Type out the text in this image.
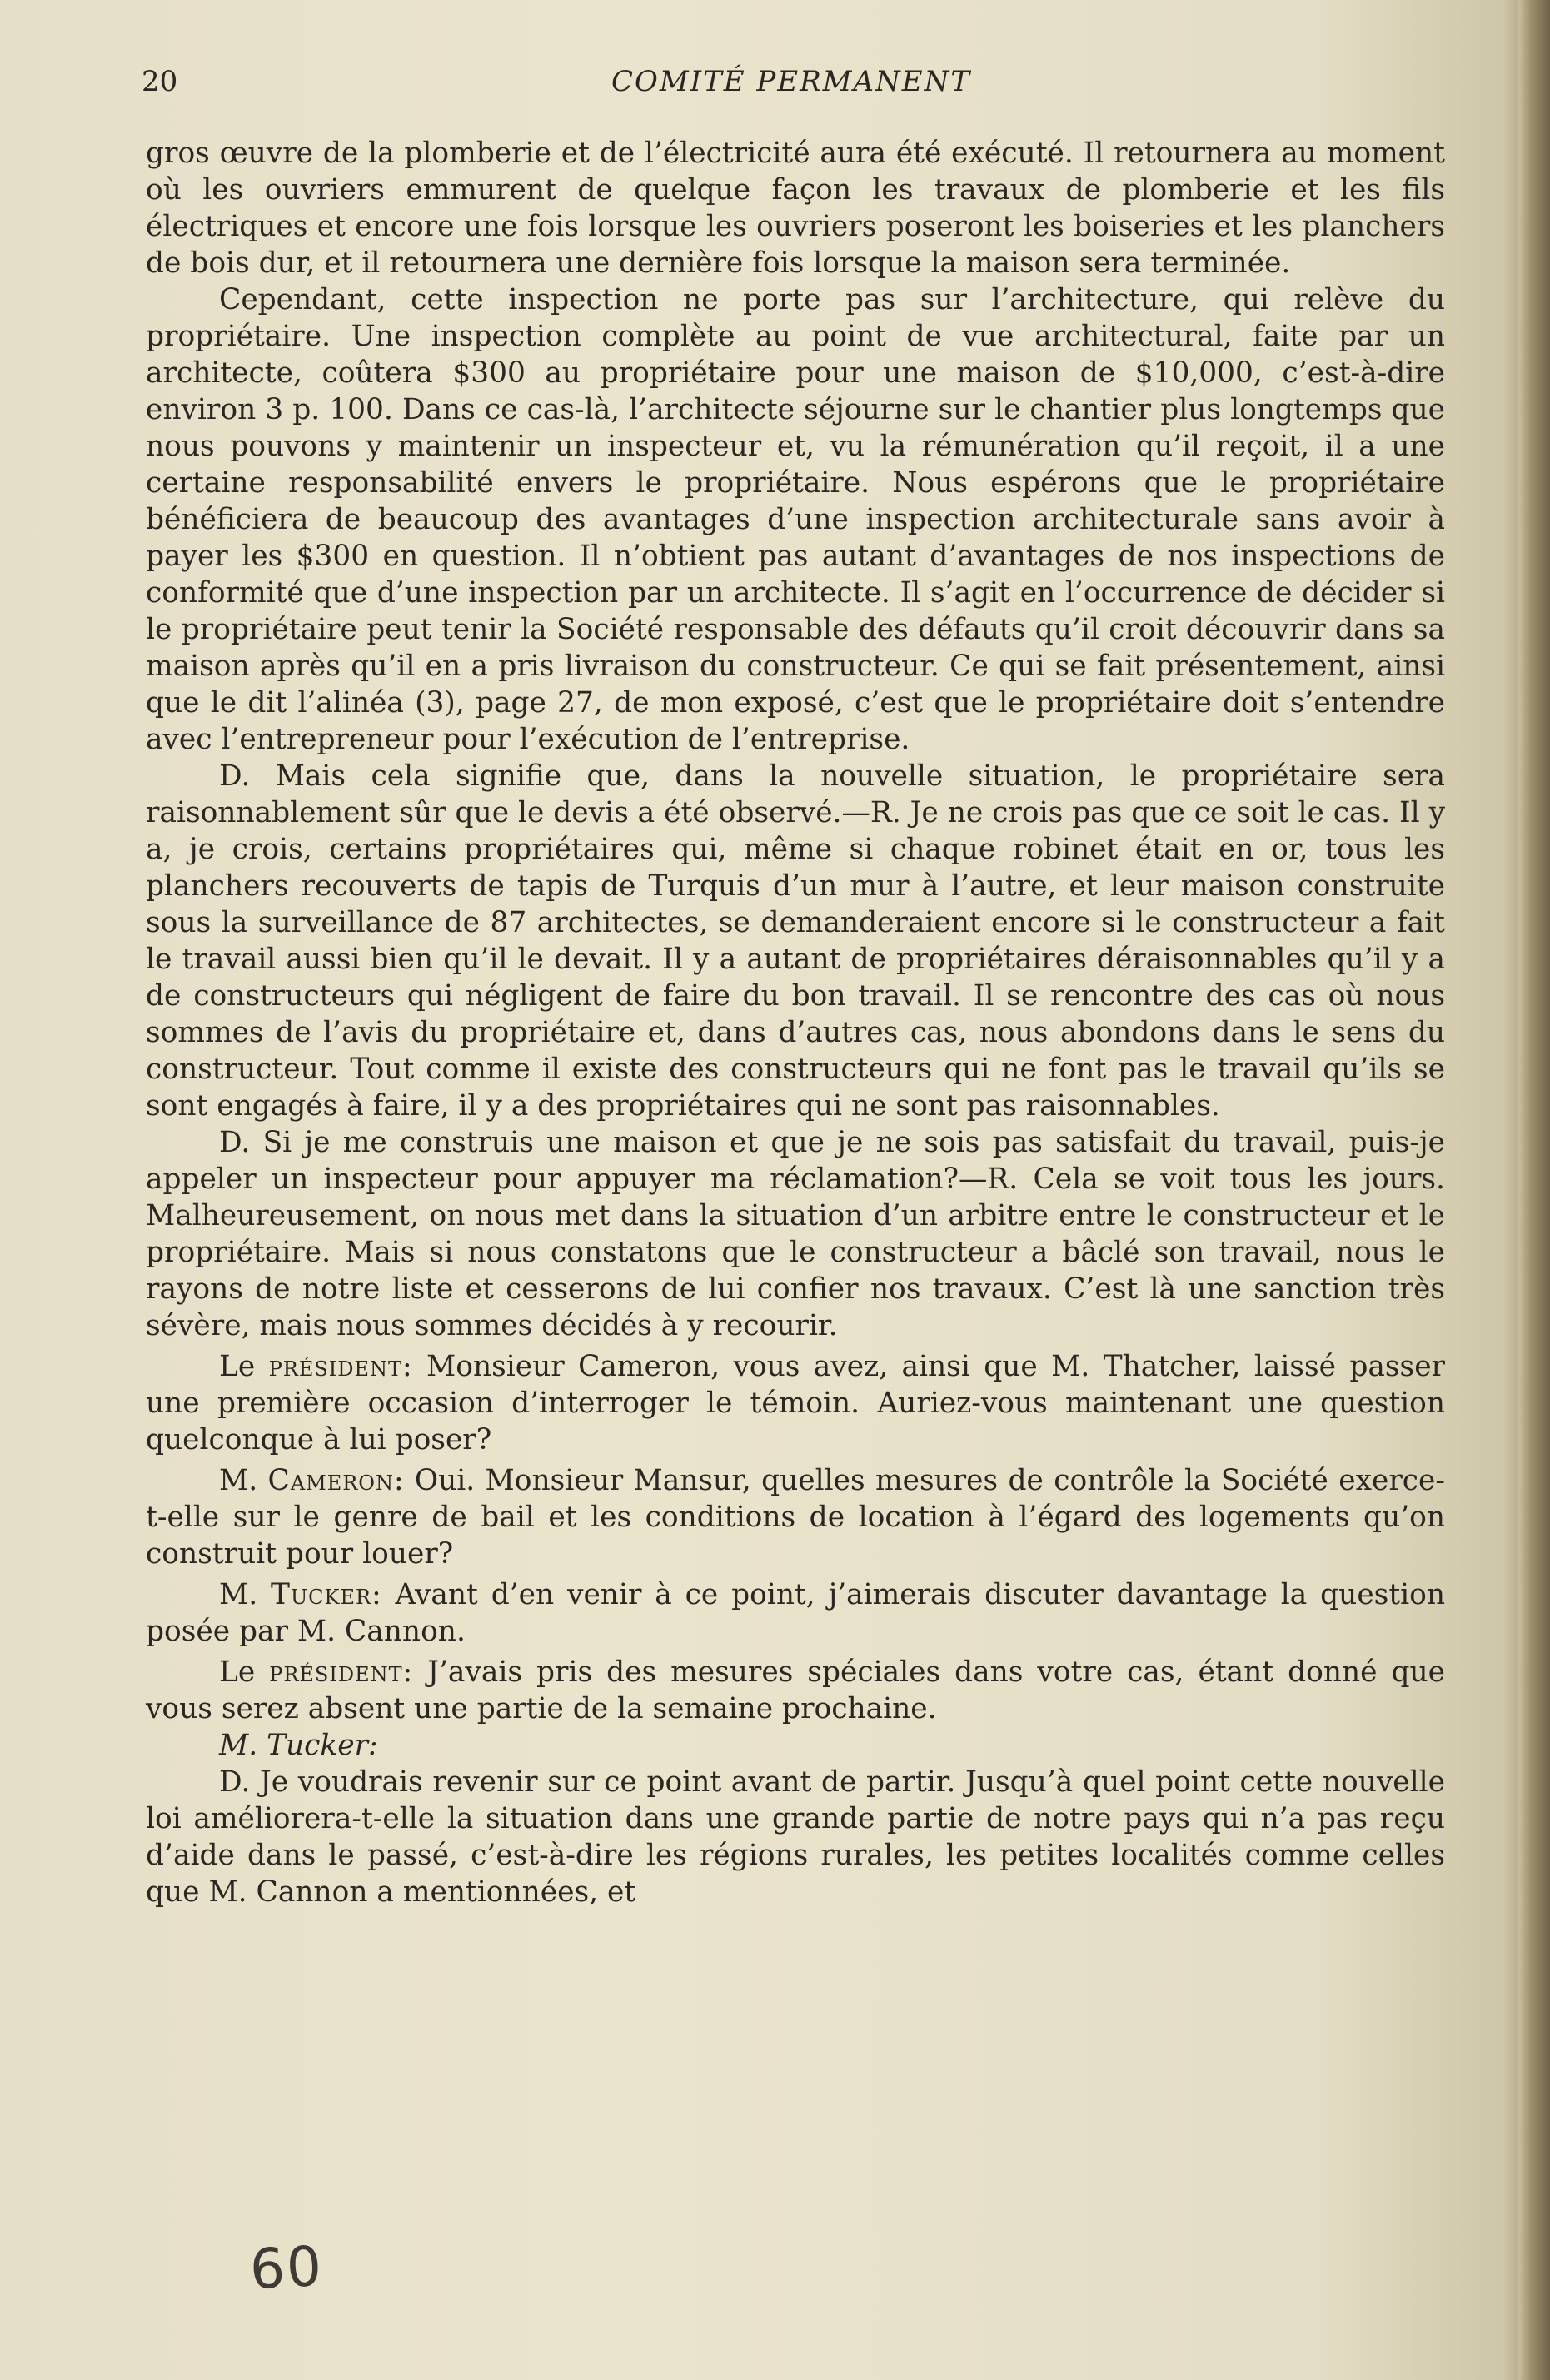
20	COMITÉ PERMANENT

gros œuvre de la plomberie et de l’électricité aura été exécuté. Il retournera au moment où les ouvriers emmurent de quelque façon les travaux de plomberie et les fils électriques et encore une fois lorsque les ouvriers poseront les boiseries et les planchers de bois dur, et il retournera une dernière fois lorsque la maison sera terminée.

Cependant, cette inspection ne porte pas sur l’architecture, qui relève du propriétaire. Une inspection complète au point de vue architectural, faite par un architecte, coûtera $300 au propriétaire pour une maison de $10,000, c’est-à-dire environ 3 p. 100. Dans ce cas-là, l’architecte séjourne sur le chantier plus longtemps que nous pouvons y maintenir un inspecteur et, vu la rémunération qu’il reçoit, il a une certaine responsabilité envers le propriétaire. Nous espérons que le propriétaire bénéficiera de beaucoup des avantages d’une inspection architecturale sans avoir à payer les $300 en question. Il n’obtient pas autant d’avantages de nos inspections de conformité que d’une inspection par un architecte. Il s’agit en l’occurrence de décider si le propriétaire peut tenir la Société responsable des défauts qu’il croit découvrir dans sa maison après qu’il en a pris livraison du constructeur. Ce qui se fait présentement, ainsi que le dit l’alinéa (3), page 27, de mon exposé, c’est que le propriétaire doit s’entendre avec l’entrepreneur pour l’exécution de l’entreprise.

D. Mais cela signifie que, dans la nouvelle situation, le propriétaire sera raisonnablement sûr que le devis a été observé.—R. Je ne crois pas que ce soit le cas. Il y a, je crois, certains propriétaires qui, même si chaque robinet était en or, tous les planchers recouverts de tapis de Turquis d’un mur à l’autre, et leur maison construite sous la surveillance de 87 architectes, se demanderaient encore si le constructeur a fait le travail aussi bien qu’il le devait. Il y a autant de propriétaires déraisonnables qu’il y a de constructeurs qui négligent de faire du bon travail. Il se rencontre des cas où nous sommes de l’avis du propriétaire et, dans d’autres cas, nous abondons dans le sens du constructeur. Tout comme il existe des constructeurs qui ne font pas le travail qu’ils se sont engagés à faire, il y a des propriétaires qui ne sont pas raisonnables.

D. Si je me construis une maison et que je ne sois pas satisfait du travail, puis-je appeler un inspecteur pour appuyer ma réclamation?—R. Cela se voit tous les jours. Malheureusement, on nous met dans la situation d’un arbitre entre le constructeur et le propriétaire. Mais si nous constatons que le constructeur a bâclé son travail, nous le rayons de notre liste et cesserons de lui confier nos travaux. C’est là une sanction très sévère, mais nous sommes décidés à y recourir.

Le président: Monsieur Cameron, vous avez, ainsi que M. Thatcher, laissé passer une première occasion d’interroger le témoin. Auriez-vous maintenant une question quelconque à lui poser?

M. Cameron: Oui. Monsieur Mansur, quelles mesures de contrôle la Société exerce-t-elle sur le genre de bail et les conditions de location à l’égard des logements qu’on construit pour louer?

M. Tucker: Avant d’en venir à ce point, j’aimerais discuter davantage la question posée par M. Cannon.

Le président: J’avais pris des mesures spéciales dans votre cas, étant donné que vous serez absent une partie de la semaine prochaine.

M. Tucker:

D. Je voudrais revenir sur ce point avant de partir. Jusqu’à quel point cette nouvelle loi améliorera-t-elle la situation dans une grande partie de notre pays qui n’a pas reçu d’aide dans le passé, c’est-à-dire les régions rurales, les petites localités comme celles que M. Cannon a mentionnées, et

60
